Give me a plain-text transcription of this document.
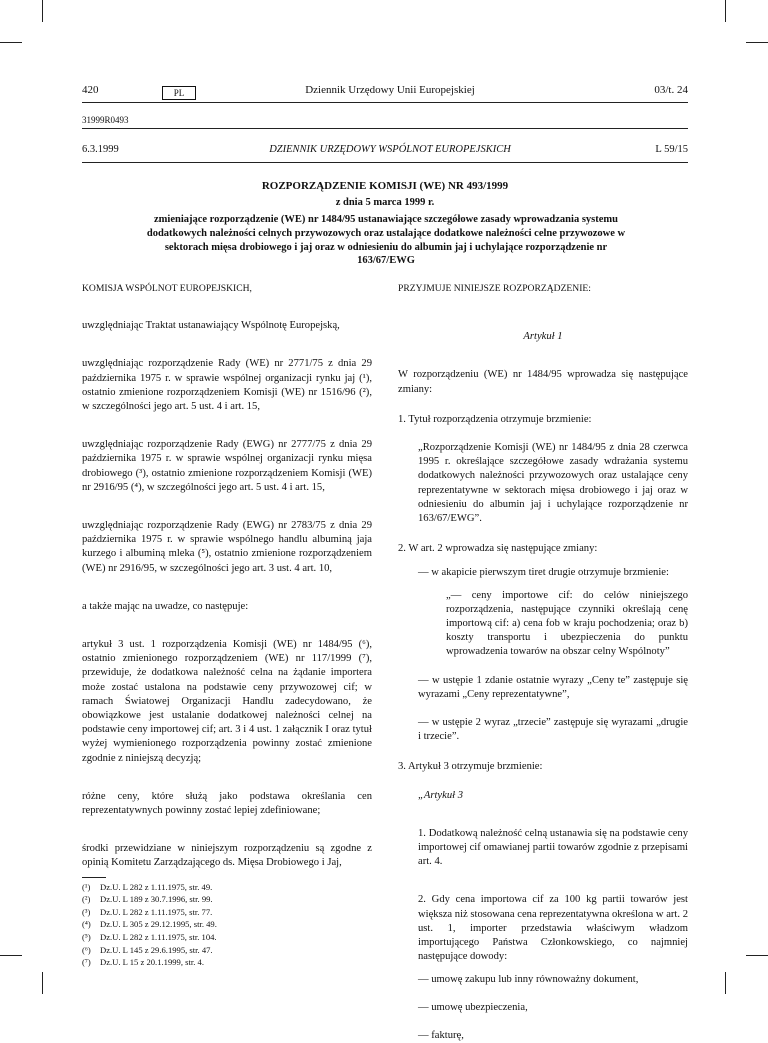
420	PL	Dziennik Urzędowy Unii Europejskiej	03/t. 24
31999R0493
6.3.1999	DZIENNIK URZĘDOWY WSPÓLNOT EUROPEJSKICH	L 59/15
ROZPORZĄDZENIE KOMISJI (WE) NR 493/1999
z dnia 5 marca 1999 r.
zmieniające rozporządzenie (WE) nr 1484/95 ustanawiające szczegółowe zasady wprowadzania systemu dodatkowych należności celnych przywozowych oraz ustalające dodatkowe należności celne przywozowe w sektorach mięsa drobiowego i jaj oraz w odniesieniu do albumin jaj i uchylające rozporządzenie nr 163/67/EWG

KOMISJA WSPÓLNOT EUROPEJSKICH,

uwzględniając Traktat ustanawiający Wspólnotę Europejską,

uwzględniając rozporządzenie Rady (WE) nr 2771/75 z dnia 29 października 1975 r. w sprawie wspólnej organizacji rynku jaj (¹), ostatnio zmienione rozporządzeniem Komisji (WE) nr 1516/96 (²), w szczególności jego art. 5 ust. 4 i art. 15,

uwzględniając rozporządzenie Rady (EWG) nr 2777/75 z dnia 29 października 1975 r. w sprawie wspólnej organizacji rynku mięsa drobiowego (³), ostatnio zmienione rozporządzeniem Komisji (WE) nr 2916/95 (⁴), w szczególności jego art. 5 ust. 4 i art. 15,

uwzględniając rozporządzenie Rady (EWG) nr 2783/75 z dnia 29 października 1975 r. w sprawie wspólnego handlu albuminą jaja kurzego i albuminą mleka (⁵), ostatnio zmienione rozporządzeniem (WE) nr 2916/95, w szczególności jego art. 3 ust. 4 art. 10,

a także mając na uwadze, co następuje:

artykuł 3 ust. 1 rozporządzenia Komisji (WE) nr 1484/95 (⁶), ostatnio zmienionego rozporządzeniem (WE) nr 117/1999 (⁷), przewiduje, że dodatkowa należność celna na żądanie importera może zostać ustalona na podstawie ceny przywozowej cif; w ramach Światowej Organizacji Handlu zadecydowano, że obowiązkowe jest ustalanie dodatkowej należności celnej na podstawie ceny importowej cif; art. 3 i 4 ust. 1 załącznik I oraz tytuł wyżej wymienionego rozporządzenia powinny zostać zmienione zgodnie z niniejszą decyzją;

różne ceny, które służą jako podstawa określania cen reprezentatywnych powinny zostać lepiej zdefiniowane;

środki przewidziane w niniejszym rozporządzeniu są zgodne z opinią Komitetu Zarządzającego ds. Mięsa Drobiowego i Jaj,

(¹)	Dz.U. L 282 z 1.11.1975, str. 49.
(²)	Dz.U. L 189 z 30.7.1996, str. 99.
(³)	Dz.U. L 282 z 1.11.1975, str. 77.
(⁴)	Dz.U. L 305 z 29.12.1995, str. 49.
(⁵)	Dz.U. L 282 z 1.11.1975, str. 104.
(⁶)	Dz.U. L 145 z 29.6.1995, str. 47.
(⁷)	Dz.U. L 15 z 20.1.1999, str. 4.

PRZYJMUJE NINIEJSZE ROZPORZĄDZENIE:

Artykuł 1

W rozporządzeniu (WE) nr 1484/95 wprowadza się następujące zmiany:

1. Tytuł rozporządzenia otrzymuje brzmienie:

„Rozporządzenie Komisji (WE) nr 1484/95 z dnia 28 czerwca 1995 r. określające szczegółowe zasady wdrażania systemu dodatkowych należności przywozowych oraz ustalające ceny reprezentatywne w sektorach mięsa drobiowego i jaj oraz w odniesieniu do albumin jaj i uchylające rozporządzenie nr 163/67/EWG”.

2. W art. 2 wprowadza się następujące zmiany:

— w akapicie pierwszym tiret drugie otrzymuje brzmienie:

„— ceny importowe cif: do celów niniejszego rozporządzenia, następujące czynniki określają cenę importową cif: a) cena fob w kraju pochodzenia; oraz b) koszty transportu i ubezpieczenia do punktu wprowadzenia towarów na obszar celny Wspólnoty”

— w ustępie 1 zdanie ostatnie wyrazy „Ceny te” zastępuje się wyrazami „Ceny reprezentatywne”,

— w ustępie 2 wyraz „trzecie” zastępuje się wyrazami „drugie i trzecie”.

3. Artykuł 3 otrzymuje brzmienie:

„Artykuł 3

1. Dodatkową należność celną ustanawia się na podstawie ceny importowej cif omawianej partii towarów zgodnie z przepisami art. 4.

2. Gdy cena importowa cif za 100 kg partii towarów jest większa niż stosowana cena reprezentatywna określona w art. 2 ust. 1, importer przedstawia właściwym władzom importującego Państwa Członkowskiego, co najmniej następujące dowody:

— umowę zakupu lub inny równoważny dokument,

— umowę ubezpieczenia,

— fakturę,
